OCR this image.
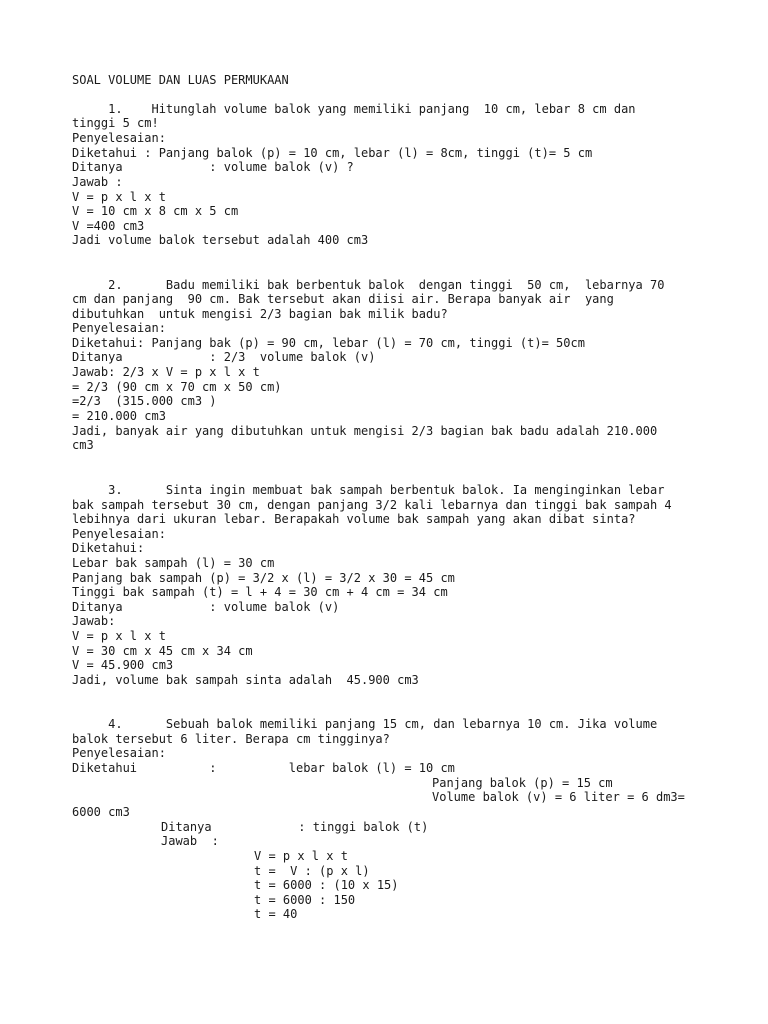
SOAL VOLUME DAN LUAS PERMUKAAN
1.    Hitunglah volume balok yang memiliki panjang  10 cm, lebar 8 cm dan
tinggi 5 cm!
Penyelesaian:
Diketahui : Panjang balok (p) = 10 cm, lebar (l) = 8cm, tinggi (t)= 5 cm
Ditanya            : volume balok (v) ?
Jawab :
V = p x l x t
V = 10 cm x 8 cm x 5 cm
V =400 cm3
Jadi volume balok tersebut adalah 400 cm3
2.      Badu memiliki bak berbentuk balok  dengan tinggi  50 cm,  lebarnya 70
cm dan panjang  90 cm. Bak tersebut akan diisi air. Berapa banyak air  yang
dibutuhkan  untuk mengisi 2/3 bagian bak milik badu?
Penyelesaian:
Diketahui: Panjang bak (p) = 90 cm, lebar (l) = 70 cm, tinggi (t)= 50cm
Ditanya            : 2/3  volume balok (v)
Jawab: 2/3 x V = p x l x t
= 2/3 (90 cm x 70 cm x 50 cm)
=2/3  (315.000 cm3 )
= 210.000 cm3
Jadi, banyak air yang dibutuhkan untuk mengisi 2/3 bagian bak badu adalah 210.000
cm3
3.      Sinta ingin membuat bak sampah berbentuk balok. Ia menginginkan lebar
bak sampah tersebut 30 cm, dengan panjang 3/2 kali lebarnya dan tinggi bak sampah 4
lebihnya dari ukuran lebar. Berapakah volume bak sampah yang akan dibat sinta?
Penyelesaian:
Diketahui:
Lebar bak sampah (l) = 30 cm
Panjang bak sampah (p) = 3/2 x (l) = 3/2 x 30 = 45 cm
Tinggi bak sampah (t) = l + 4 = 30 cm + 4 cm = 34 cm
Ditanya            : volume balok (v)
Jawab:
V = p x l x t
V = 30 cm x 45 cm x 34 cm
V = 45.900 cm3
Jadi, volume bak sampah sinta adalah  45.900 cm3
4.      Sebuah balok memiliki panjang 15 cm, dan lebarnya 10 cm. Jika volume
balok tersebut 6 liter. Berapa cm tingginya?
Penyelesaian:
Diketahui          :          lebar balok (l) = 10 cm
Panjang balok (p) = 15 cm
Volume balok (v) = 6 liter = 6 dm3=
6000 cm3
Ditanya            : tinggi balok (t)
Jawab  :
V = p x l x t
t =  V : (p x l)
t = 6000 : (10 x 15)
t = 6000 : 150
t = 40
